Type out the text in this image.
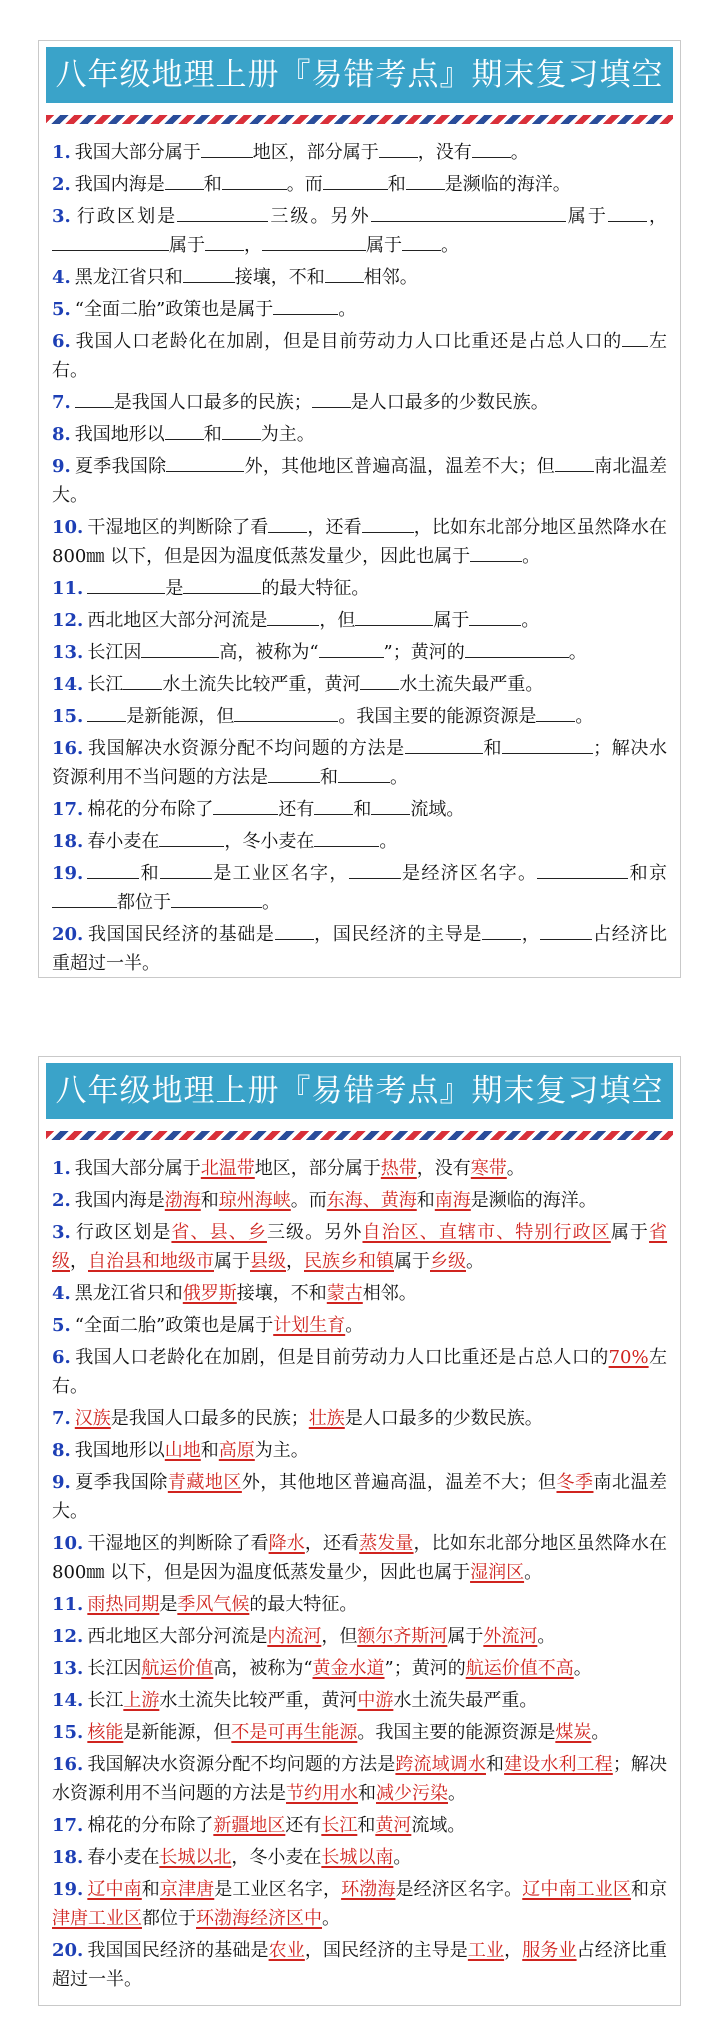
八年级地理上册『易错考点』期末复习填空
1. 我国大部分属于	地区，部分属于 ，没有 。
2. 我国内海是 和	。而	和 是濒临的海洋。
3. 行政区划是	三级。另外	属于 ，属于 ，	属于 。
4. 黑龙江省只和	接壤，不和 相邻。
5. “全面二胎”政策也是属于	。
6. 我国人口老龄化在加剧，但是目前劳动力人口比重还是占总人口的 左右。
7. 是我国人口最多的民族； 是人口最多的少数民族。
8. 我国地形以 和 为主。
9. 夏季我国除	外，其他地区普遍高温，温差不大；但 南北温差大。
10. 干湿地区的判断除了看 ，还看	，比如东北部分地区虽然降水在 800㎜ 以下，但是因为温度低蒸发量少，因此也属于	。
11.	是	的最大特征。
12. 西北地区大部分河流是	，但	属于	。
13. 长江因	高，被称为“	”；黄河的	。
14. 长江 水土流失比较严重，黄河 水土流失最严重。
15. 是新能源，但	。我国主要的能源资源是 。
16. 我国解决水资源分配不均问题的方法是	和	；解决水资源利用不当问题的方法是	和	。
17. 棉花的分布除了	还有 和 流域。
18. 春小麦在	，冬小麦在	。
19.	和	是工业区名字，	是经济区名字。	和京都位于	。
20. 我国国民经济的基础是 ，国民经济的主导是 ，	占经济比重超过一半。
八年级地理上册『易错考点』期末复习填空
1. 我国大部分属于北温带地区，部分属于热带，没有寒带。
2. 我国内海是渤海和琼州海峡。而东海、黄海和南海是濒临的海洋。
3. 行政区划是省、县、乡三级。另外自治区、直辖市、特别行政区属于省级，自治县和地级市属于县级，民族乡和镇属于乡级。
4. 黑龙江省只和俄罗斯接壤，不和蒙古相邻。
5. “全面二胎”政策也是属于计划生育。
6. 我国人口老龄化在加剧，但是目前劳动力人口比重还是占总人口的70%左右。
7. 汉族是我国人口最多的民族；壮族是人口最多的少数民族。
8. 我国地形以山地和高原为主。
9. 夏季我国除青藏地区外，其他地区普遍高温，温差不大；但冬季南北温差大。
10. 干湿地区的判断除了看降水，还看蒸发量，比如东北部分地区虽然降水在 800㎜ 以下，但是因为温度低蒸发量少，因此也属于湿润区。
11. 雨热同期是季风气候的最大特征。
12. 西北地区大部分河流是内流河，但额尔齐斯河属于外流河。
13. 长江因航运价值高，被称为“黄金水道”；黄河的航运价值不高。
14. 长江上游水土流失比较严重，黄河中游水土流失最严重。
15. 核能是新能源，但不是可再生能源。我国主要的能源资源是煤炭。
16. 我国解决水资源分配不均问题的方法是跨流域调水和建设水利工程；解决水资源利用不当问题的方法是节约用水和减少污染。
17. 棉花的分布除了新疆地区还有长江和黄河流域。
18. 春小麦在长城以北，冬小麦在长城以南。
19. 辽中南和京津唐是工业区名字，环渤海是经济区名字。辽中南工业区和京津唐工业区都位于环渤海经济区中。
20. 我国国民经济的基础是农业，国民经济的主导是工业，服务业占经济比重超过一半。
